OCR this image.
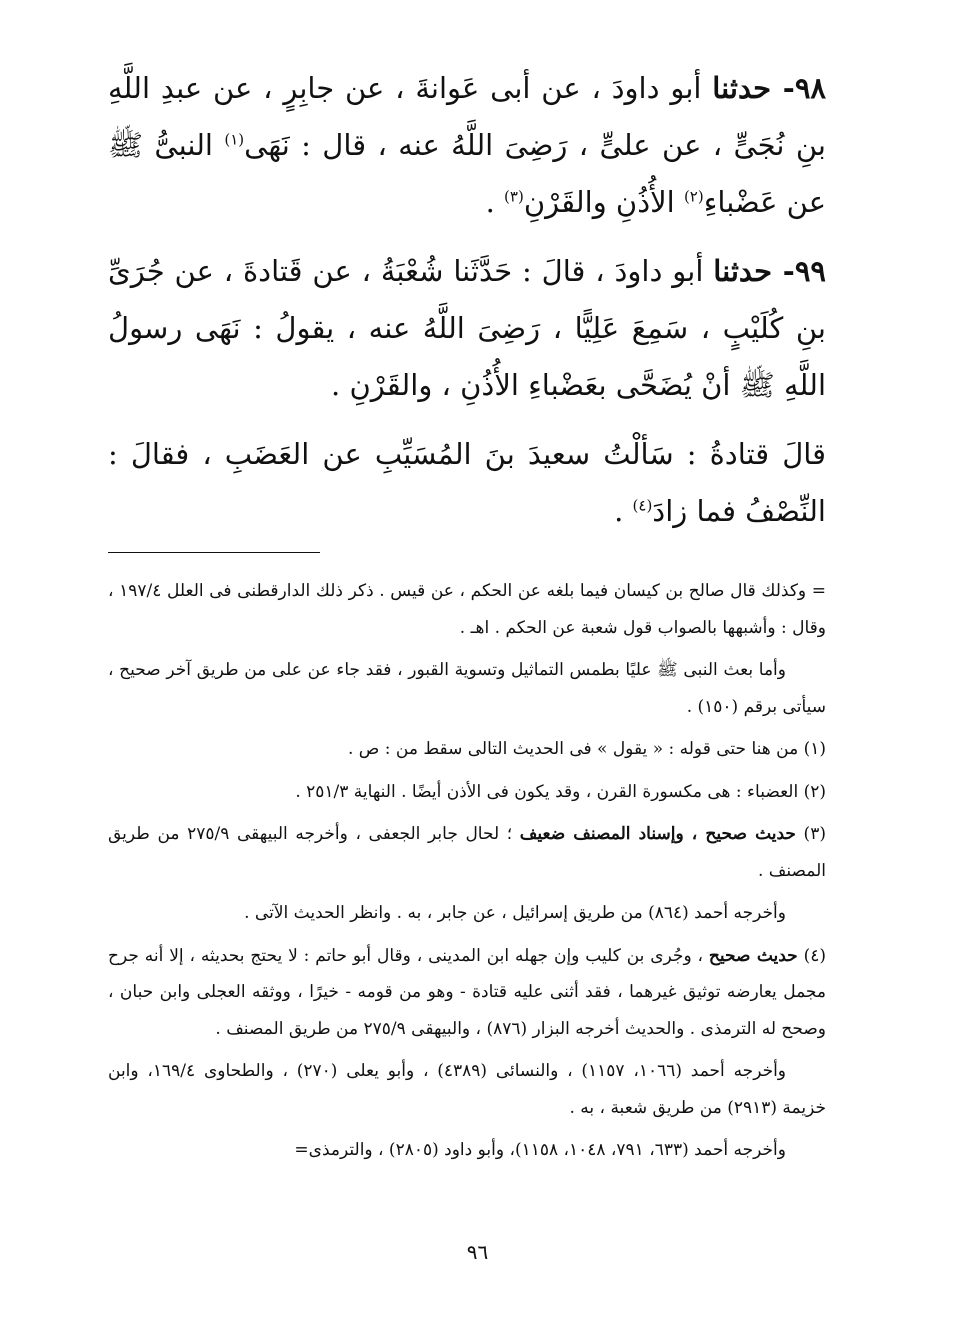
٩٨- حدثنا أبو داودَ ، عن أبى عَوانةَ ، عن جابِرٍ ، عن عبدِ اللَّهِ بنِ نُجَىٍّ ، عن علىٍّ ، رَضِىَ اللَّهُ عنه ، قال : نَهَى$^{(١)}$ النبىُّ ﷺ عن عَضْباءِ$^{(٢)}$ الأُذُنِ والقَرْنِ$^{(٣)}$ .

٩٩- حدثنا أبو داودَ ، قالَ : حَدَّثَنا شُعْبَةُ ، عن قَتادةَ ، عن جُرَىِّ بنِ كُلَيْبٍ ، سَمِعَ عَلِيًّا ، رَضِىَ اللَّهُ عنه ، يقولُ : نَهَى رسولُ اللَّهِ ﷺ أنْ يُضَحَّى بعَضْباءِ الأُذُنِ ، والقَرْنِ .

قالَ قتادةُ : سَألْتُ سعيدَ بنَ المُسَيِّبِ عن العَضَبِ ، فقالَ : النِّصْفُ فما زادَ$^{(٤)}$ .

= وكذلك قال صالح بن كيسان فيما بلغه عن الحكم ، عن قيس . ذكر ذلك الدارقطنى فى العلل ١٩٧/٤ ، وقال : وأشبهها بالصواب قول شعبة عن الحكم . اهـ .

وأما بعث النبى ﷺ عليًا بطمس التماثيل وتسوية القبور ، فقد جاء عن على من طريق آخر صحيح ، سيأتى برقم (١٥٠) .

(١) من هنا حتى قوله : « يقول » فى الحديث التالى سقط من : ص .

(٢) العضباء : هى مكسورة القرن ، وقد يكون فى الأذن أيضًا . النهاية ٢٥١/٣ .

(٣) حديث صحيح ، وإسناد المصنف ضعيف ؛ لحال جابر الجعفى ، وأخرجه البيهقى ٢٧٥/٩ من طريق المصنف .

وأخرجه أحمد (٨٦٤) من طريق إسرائيل ، عن جابر ، به . وانظر الحديث الآتى .

(٤) حديث صحيح ، وجُرى بن كليب وإن جهله ابن المدينى ، وقال أبو حاتم : لا يحتج بحديثه ، إلا أنه جرح مجمل يعارضه توثيق غيرهما ، فقد أثنى عليه قتادة - وهو من قومه - خيرًا ، ووثقه العجلى وابن حبان ، وصحح له الترمذى . والحديث أخرجه البزار (٨٧٦) ، والبيهقى ٢٧٥/٩ من طريق المصنف .

وأخرجه أحمد (١٠٦٦، ١١٥٧) ، والنسائى (٤٣٨٩) ، وأبو يعلى (٢٧٠) ، والطحاوى ١٦٩/٤، وابن خزيمة (٢٩١٣) من طريق شعبة ، به .

وأخرجه أحمد (٦٣٣، ٧٩١، ١٠٤٨، ١١٥٨)، وأبو داود (٢٨٠٥) ، والترمذى=

٩٦
